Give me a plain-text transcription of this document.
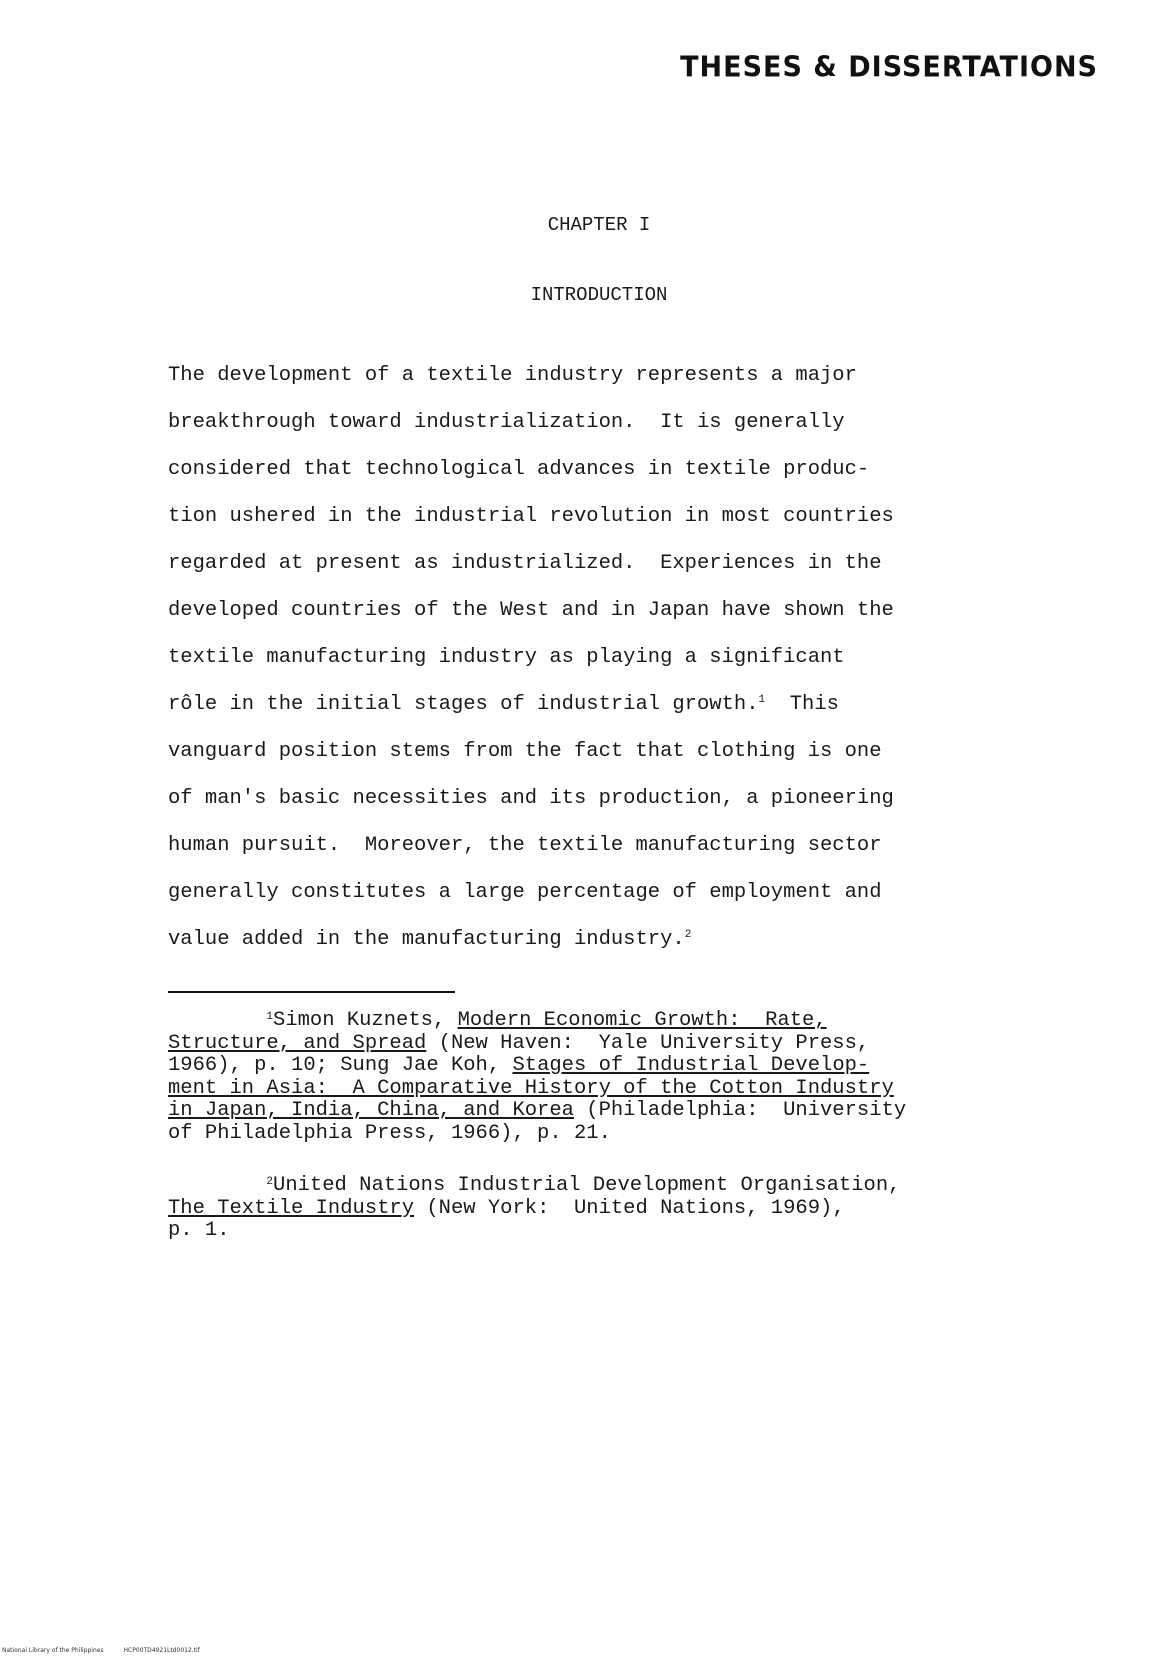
THESES & DISSERTATIONS
CHAPTER I
INTRODUCTION
The development of a textile industry represents a major
breakthrough toward industrialization.  It is generally
considered that technological advances in textile produc-
tion ushered in the industrial revolution in most countries
regarded at present as industrialized.  Experiences in the
developed countries of the West and in Japan have shown the
textile manufacturing industry as playing a significant
rôle in the initial stages of industrial growth.$^1$  This
vanguard position stems from the fact that clothing is one
of man's basic necessities and its production, a pioneering
human pursuit.  Moreover, the textile manufacturing sector
generally constitutes a large percentage of employment and
value added in the manufacturing industry.$^2$
$^1$Simon Kuznets, Modern Economic Growth:  Rate,
Structure, and Spread (New Haven:  Yale University Press,
1966), p. 10; Sung Jae Koh, Stages of Industrial Develop-
ment in Asia:  A Comparative History of the Cotton Industry
in Japan, India, China, and Korea (Philadelphia:  University
of Philadelphia Press, 1966), p. 21.
$^2$United Nations Industrial Development Organisation,
The Textile Industry (New York:  United Nations, 1969),
p. 1.
National Library of the Philippines	HCP00TD4921Ltd0012.tif
